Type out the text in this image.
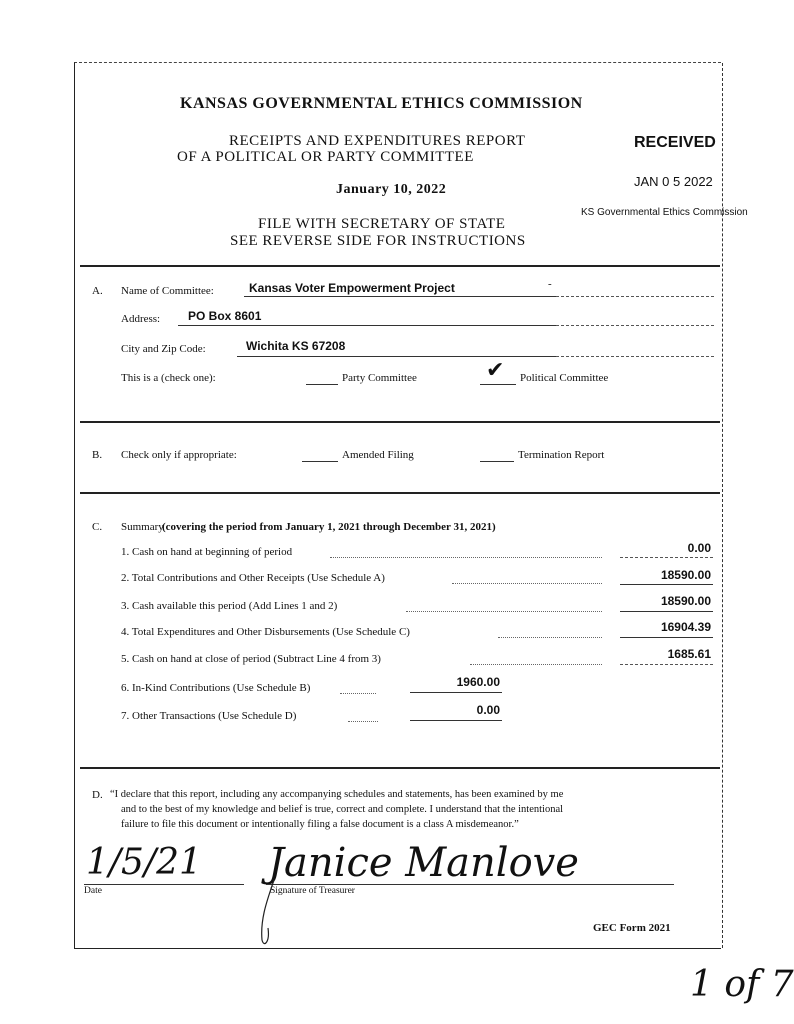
KANSAS GOVERNMENTAL ETHICS COMMISSION
RECEIPTS AND EXPENDITURES REPORT
OF A POLITICAL OR PARTY COMMITTEE
January 10, 2022
FILE WITH SECRETARY OF STATE
SEE REVERSE SIDE FOR INSTRUCTIONS
RECEIVED
JAN 0 5 2022
KS Governmental Ethics Commission
A. Name of Committee:	Kansas Voter Empowerment Project	-
Address: PO Box 8601
City and Zip Code:	Wichita KS 67208
This is a (check one):	Party Committee	✔ Political Committee
B. Check only if appropriate:	Amended Filing	Termination Report
C. Summary
(covering the period from January 1, 2021 through December 31, 2021)
1. Cash on hand at beginning of period	0.00
2. Total Contributions and Other Receipts (Use Schedule A)	18590.00
3. Cash available this period (Add Lines 1 and 2)	18590.00
4. Total Expenditures and Other Disbursements (Use Schedule C)	16904.39
5. Cash on hand at close of period (Subtract Line 4 from 3)	1685.61
6. In-Kind Contributions (Use Schedule B)	1960.00
7. Other Transactions (Use Schedule D)	0.00
D. “I declare that this report, including any accompanying schedules and statements, has been examined by me
and to the best of my knowledge and belief is true, correct and complete. I understand that the intentional
failure to file this document or intentionally filing a false document is a class A misdemeanor.”
1/5/21
Date
Janice Manlove
Signature of Treasurer
GEC Form 2021
1 of 7
